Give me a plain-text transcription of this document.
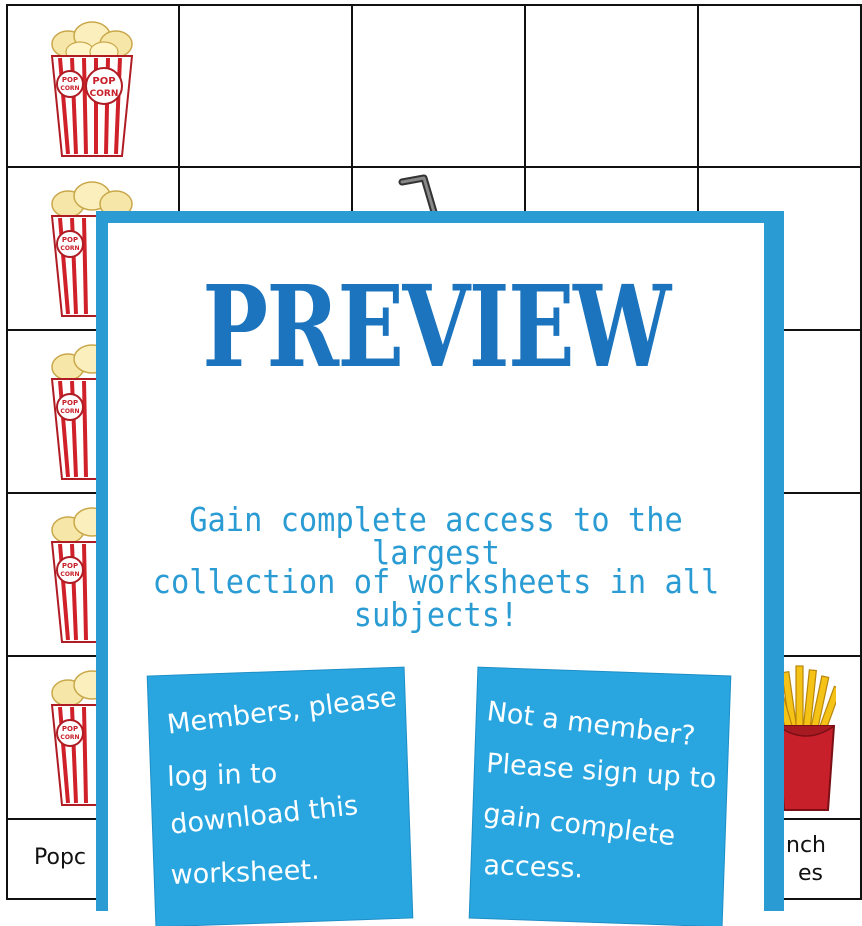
POP
CORN
POP
CORN
POP
CORN
POP
CORN
POP
CORN
POP
CORN
Popc	nch
es
PREVIEW
Gain complete access to the largest
collection of worksheets in all subjects!
Members, please
log in to
download this
worksheet.
Not a member?
Please sign up to
gain complete
access.
